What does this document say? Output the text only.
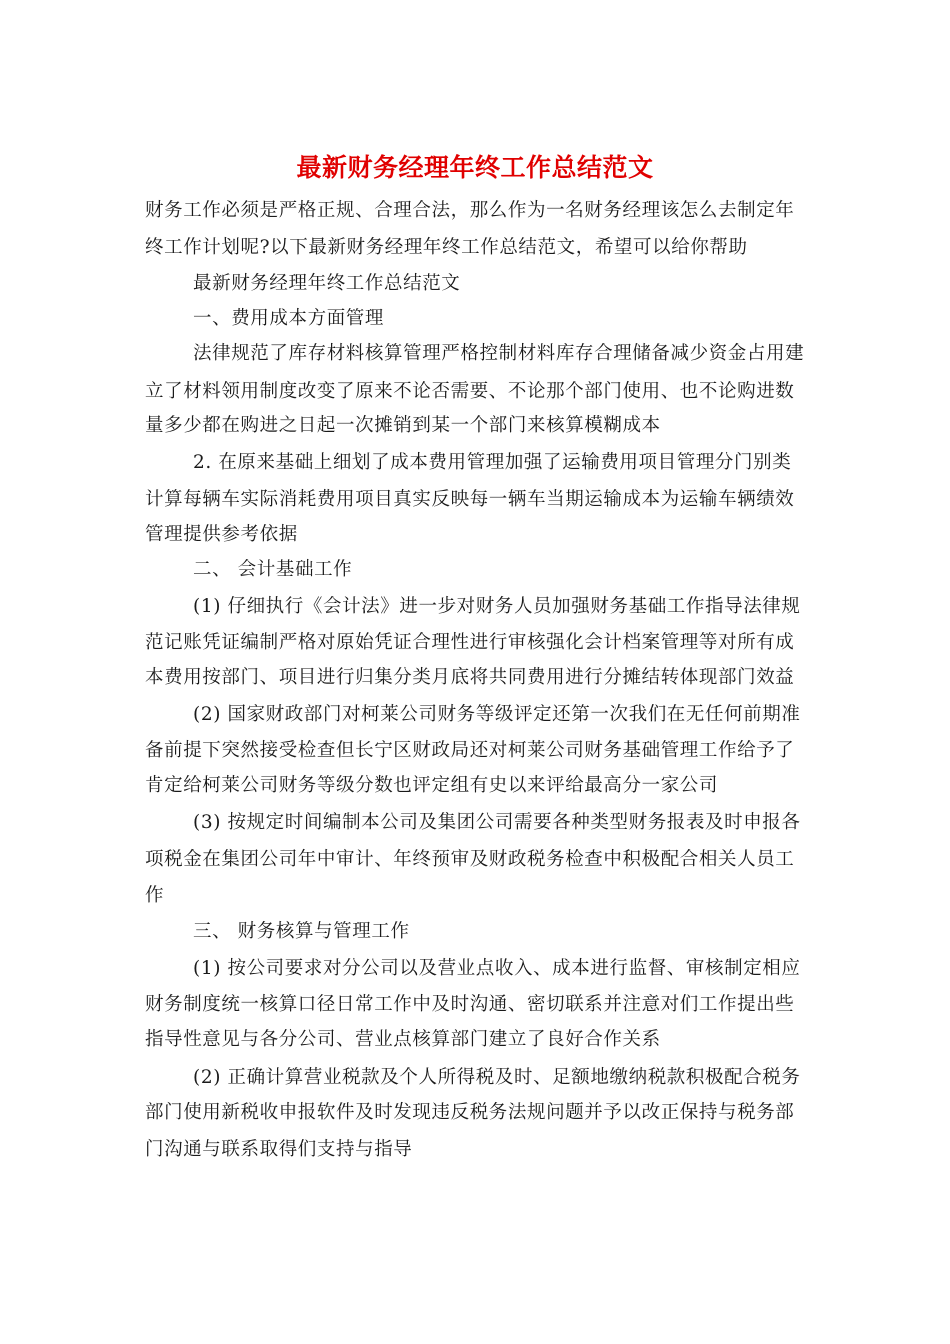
最新财务经理年终工作总结范文
财务工作必须是严格正规、合理合法，那么作为一名财务经理该怎么去制定年
终工作计划呢?以下最新财务经理年终工作总结范文，希望可以给你帮助
最新财务经理年终工作总结范文
一、费用成本方面管理
法律规范了库存材料核算管理严格控制材料库存合理储备减少资金占用建
立了材料领用制度改变了原来不论否需要、不论那个部门使用、也不论购进数
量多少都在购进之日起一次摊销到某一个部门来核算模糊成本
2. 在原来基础上细划了成本费用管理加强了运输费用项目管理分门别类
计算每辆车实际消耗费用项目真实反映每一辆车当期运输成本为运输车辆绩效
管理提供参考依据
二、 会计基础工作
(1) 仔细执行《会计法》进一步对财务人员加强财务基础工作指导法律规
范记账凭证编制严格对原始凭证合理性进行审核强化会计档案管理等对所有成
本费用按部门、项目进行归集分类月底将共同费用进行分摊结转体现部门效益
(2) 国家财政部门对柯莱公司财务等级评定还第一次我们在无任何前期准
备前提下突然接受检查但长宁区财政局还对柯莱公司财务基础管理工作给予了
肯定给柯莱公司财务等级分数也评定组有史以来评给最高分一家公司
(3) 按规定时间编制本公司及集团公司需要各种类型财务报表及时申报各
项税金在集团公司年中审计、年终预审及财政税务检查中积极配合相关人员工
作
三、 财务核算与管理工作
(1) 按公司要求对分公司以及营业点收入、成本进行监督、审核制定相应
财务制度统一核算口径日常工作中及时沟通、密切联系并注意对们工作提出些
指导性意见与各分公司、营业点核算部门建立了良好合作关系
(2) 正确计算营业税款及个人所得税及时、足额地缴纳税款积极配合税务
部门使用新税收申报软件及时发现违反税务法规问题并予以改正保持与税务部
门沟通与联系取得们支持与指导
